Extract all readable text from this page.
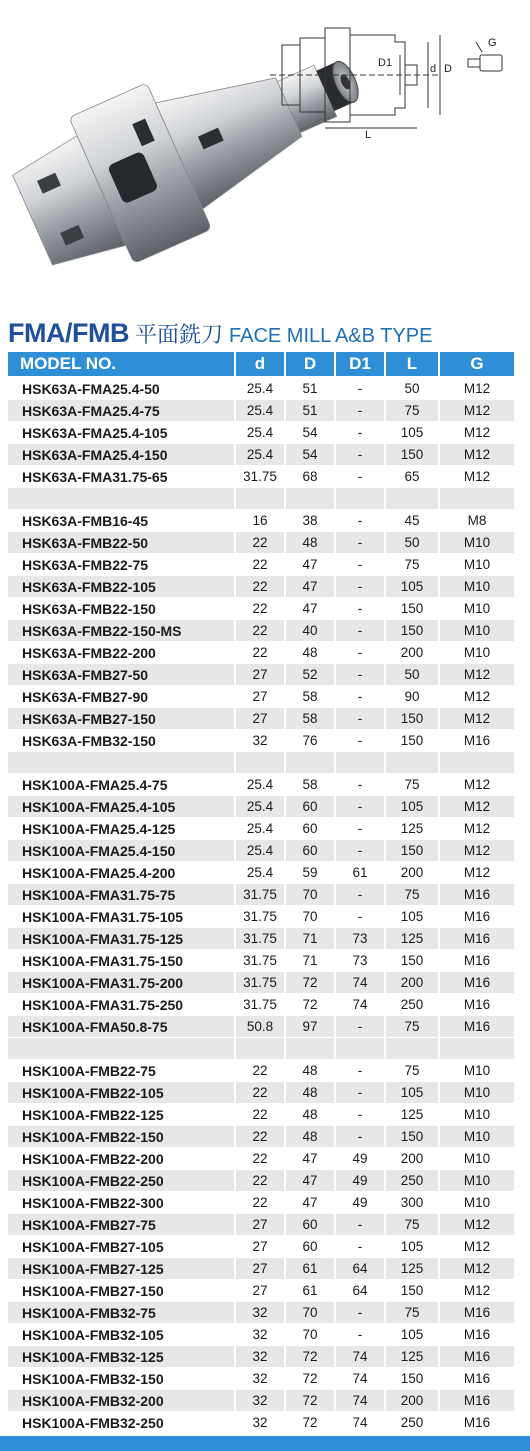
D1	d D
L
G
FMA/FMB 平面銑刀 FACE MILL A&B TYPE
MODEL NO.	d	D	D1	L	G
HSK63A-FMA25.4-50	25.4	51	-	50	M12
HSK63A-FMA25.4-75	25.4	51	-	75	M12
HSK63A-FMA25.4-105	25.4	54	-	105	M12
HSK63A-FMA25.4-150	25.4	54	-	150	M12
HSK63A-FMA31.75-65	31.75	68	-	65	M12
HSK63A-FMB16-45	16	38	-	45	M8
HSK63A-FMB22-50	22	48	-	50	M10
HSK63A-FMB22-75	22	47	-	75	M10
HSK63A-FMB22-105	22	47	-	105	M10
HSK63A-FMB22-150	22	47	-	150	M10
HSK63A-FMB22-150-MS	22	40	-	150	M10
HSK63A-FMB22-200	22	48	-	200	M10
HSK63A-FMB27-50	27	52	-	50	M12
HSK63A-FMB27-90	27	58	-	90	M12
HSK63A-FMB27-150	27	58	-	150	M12
HSK63A-FMB32-150	32	76	-	150	M16
HSK100A-FMA25.4-75	25.4	58	-	75	M12
HSK100A-FMA25.4-105	25.4	60	-	105	M12
HSK100A-FMA25.4-125	25.4	60	-	125	M12
HSK100A-FMA25.4-150	25.4	60	-	150	M12
HSK100A-FMA25.4-200	25.4	59	61	200	M12
HSK100A-FMA31.75-75	31.75	70	-	75	M16
HSK100A-FMA31.75-105	31.75	70	-	105	M16
HSK100A-FMA31.75-125	31.75	71	73	125	M16
HSK100A-FMA31.75-150	31.75	71	73	150	M16
HSK100A-FMA31.75-200	31.75	72	74	200	M16
HSK100A-FMA31.75-250	31.75	72	74	250	M16
HSK100A-FMA50.8-75	50.8	97	-	75	M16
HSK100A-FMB22-75	22	48	-	75	M10
HSK100A-FMB22-105	22	48	-	105	M10
HSK100A-FMB22-125	22	48	-	125	M10
HSK100A-FMB22-150	22	48	-	150	M10
HSK100A-FMB22-200	22	47	49	200	M10
HSK100A-FMB22-250	22	47	49	250	M10
HSK100A-FMB22-300	22	47	49	300	M10
HSK100A-FMB27-75	27	60	-	75	M12
HSK100A-FMB27-105	27	60	-	105	M12
HSK100A-FMB27-125	27	61	64	125	M12
HSK100A-FMB27-150	27	61	64	150	M12
HSK100A-FMB32-75	32	70	-	75	M16
HSK100A-FMB32-105	32	70	-	105	M16
HSK100A-FMB32-125	32	72	74	125	M16
HSK100A-FMB32-150	32	72	74	150	M16
HSK100A-FMB32-200	32	72	74	200	M16
HSK100A-FMB32-250	32	72	74	250	M16
